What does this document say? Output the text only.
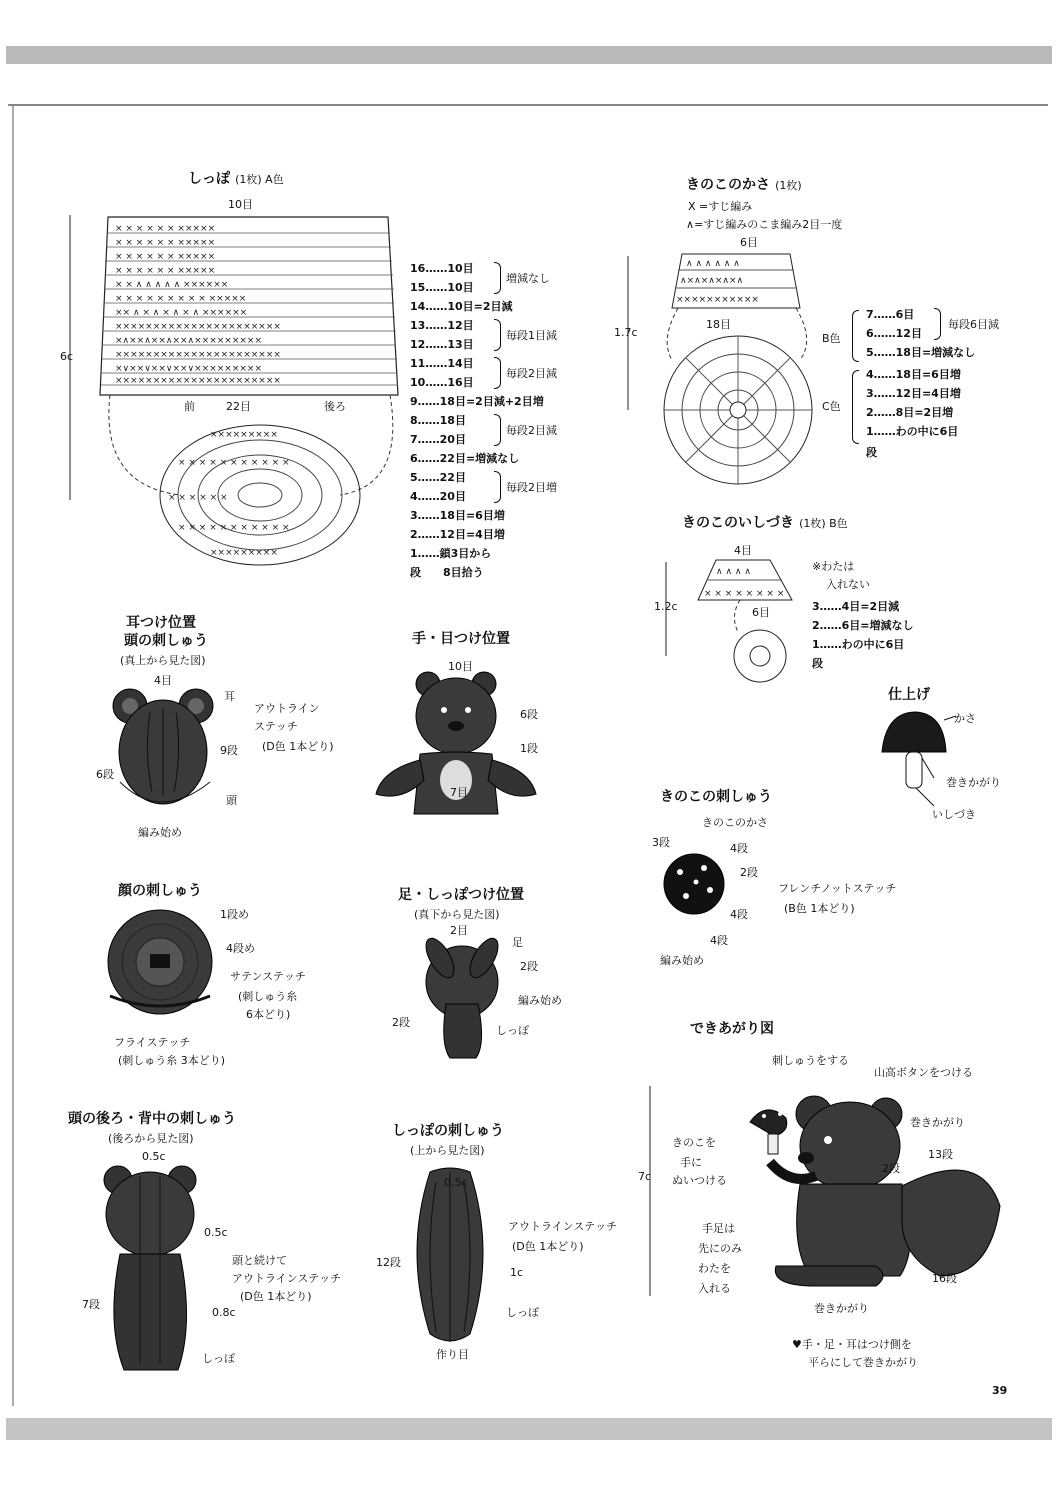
39
しっぽ (1枚) A色
10目
6c
× × × × × × ×××××
× × × × × × ×××××
× × × × × × ×××××
× × × × × × ×××××
× × ∧ ∧ ∧ ∧ ∧ ××××××
× × × × × × × × × ×××××
×× ∧ × ∧ × ∧ × ∧ ××××××
××××××××××××××××××××××
×∧××∧××∧××∧×××××××××
××××××××××××××××××××××
×∨××∨××∨××∨×××××××××
××××××××××××××××××××××
×××××××××
× × × × × × × × × × ×
× × × × × ×
× × × × × × × × × × ×
×××××××××
前	22目	後ろ
16……10目
15……10目
14……10目=2目減
13……12目
12……13目
11……14目
10……16目
9……18目=2目減+2目増
8……18目
7……20目
6……22目=増減なし
5……22目
4……20目
3……18目=6目増
2……12目=4目増
1……鎖3目から
段　　 8目拾う
増減なし
毎段1目減
毎段2目減
毎段2目減
毎段2目増
きのこのかさ (1枚)
X =すじ編み
∧=すじ編みのこま編み2目一度
6目
1.7c
∧ ∧ ∧ ∧ ∧ ∧
∧×∧×∧×∧×∧
×××××××××××
18目
B色
C色
7……6目
6……12目
5……18目=増減なし
4……18目=6目増
3……12目=4目増
2……8目=2目増
1……わの中に6目
段
毎段6目減
きのこのいしづき (1枚) B色
4目
1.2c
∧ ∧ ∧ ∧
× × × × × × × ×
6目
※わたは
入れない
3……4目=2目減
2……6目=増減なし
1……わの中に6目
段
仕上げ
かさ
巻きかがり
いしづき
耳つけ位置
頭の刺しゅう
(真上から見た図)
4目
耳
アウトライン
ステッチ
(D色 1本どり)
9段
6段
頭
編み始め
手・目つけ位置
10目
6段
1段
7目	きのこの刺しゅう
きのこのかさ
3段	4段
2段
フレンチノットステッチ
(B色 1本どり)
4段
4段
編み始め
顔の刺しゅう
1段め
4段め
サテンステッチ
(刺しゅう糸
6本どり)
フライステッチ
(刺しゅう糸 3本どり)
足・しっぽつけ位置
(真下から見た図)
2目
足
2段
編み始め
2段
しっぽ	できあがり図
刺しゅうをする
山高ボタンをつける
巻きかがり
きのこを
手に
ぬいつける
7c
2段
13段
手足は
先にのみ
わたを
入れる
16段
巻きかがり
♥手・足・耳はつけ側を
平らにして巻きかがり
頭の後ろ・背中の刺しゅう
(後ろから見た図)
0.5c
0.5c
頭と続けて
アウトラインステッチ
(D色 1本どり)
7段
0.8c
しっぽ
しっぽの刺しゅう
(上から見た図)
0.5c
アウトラインステッチ
(D色 1本どり)
12段
1c
しっぽ
作り目
